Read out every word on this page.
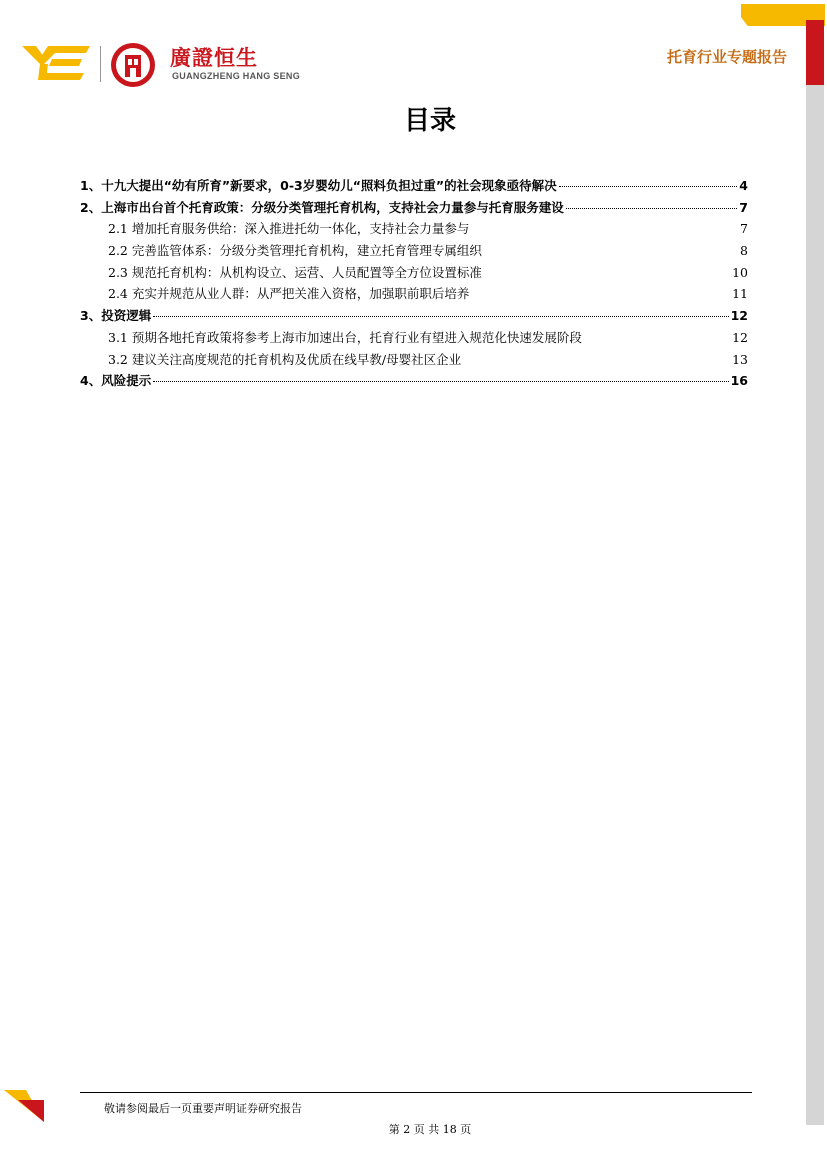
廣證恒生
GUANGZHENG HANG SENG
托育行业专题报告
目录
1、十九大提出“幼有所育”新要求，0-3岁婴幼儿“照料负担过重”的社会现象亟待解决	4
2、上海市出台首个托育政策：分级分类管理托育机构，支持社会力量参与托育服务建设	7
2.1 增加托育服务供给：深入推进托幼一体化，支持社会力量参与	7
2.2 完善监管体系：分级分类管理托育机构，建立托育管理专属组织	8
2.3 规范托育机构：从机构设立、运营、人员配置等全方位设置标准	10
2.4 充实并规范从业人群：从严把关准入资格，加强职前职后培养	11
3、投资逻辑	12
3.1 预期各地托育政策将参考上海市加速出台，托育行业有望进入规范化快速发展阶段	12
3.2 建议关注高度规范的托育机构及优质在线早教/母婴社区企业	13
4、风险提示	16
敬请参阅最后一页重要声明证券研究报告
第 2 页 共 18 页
